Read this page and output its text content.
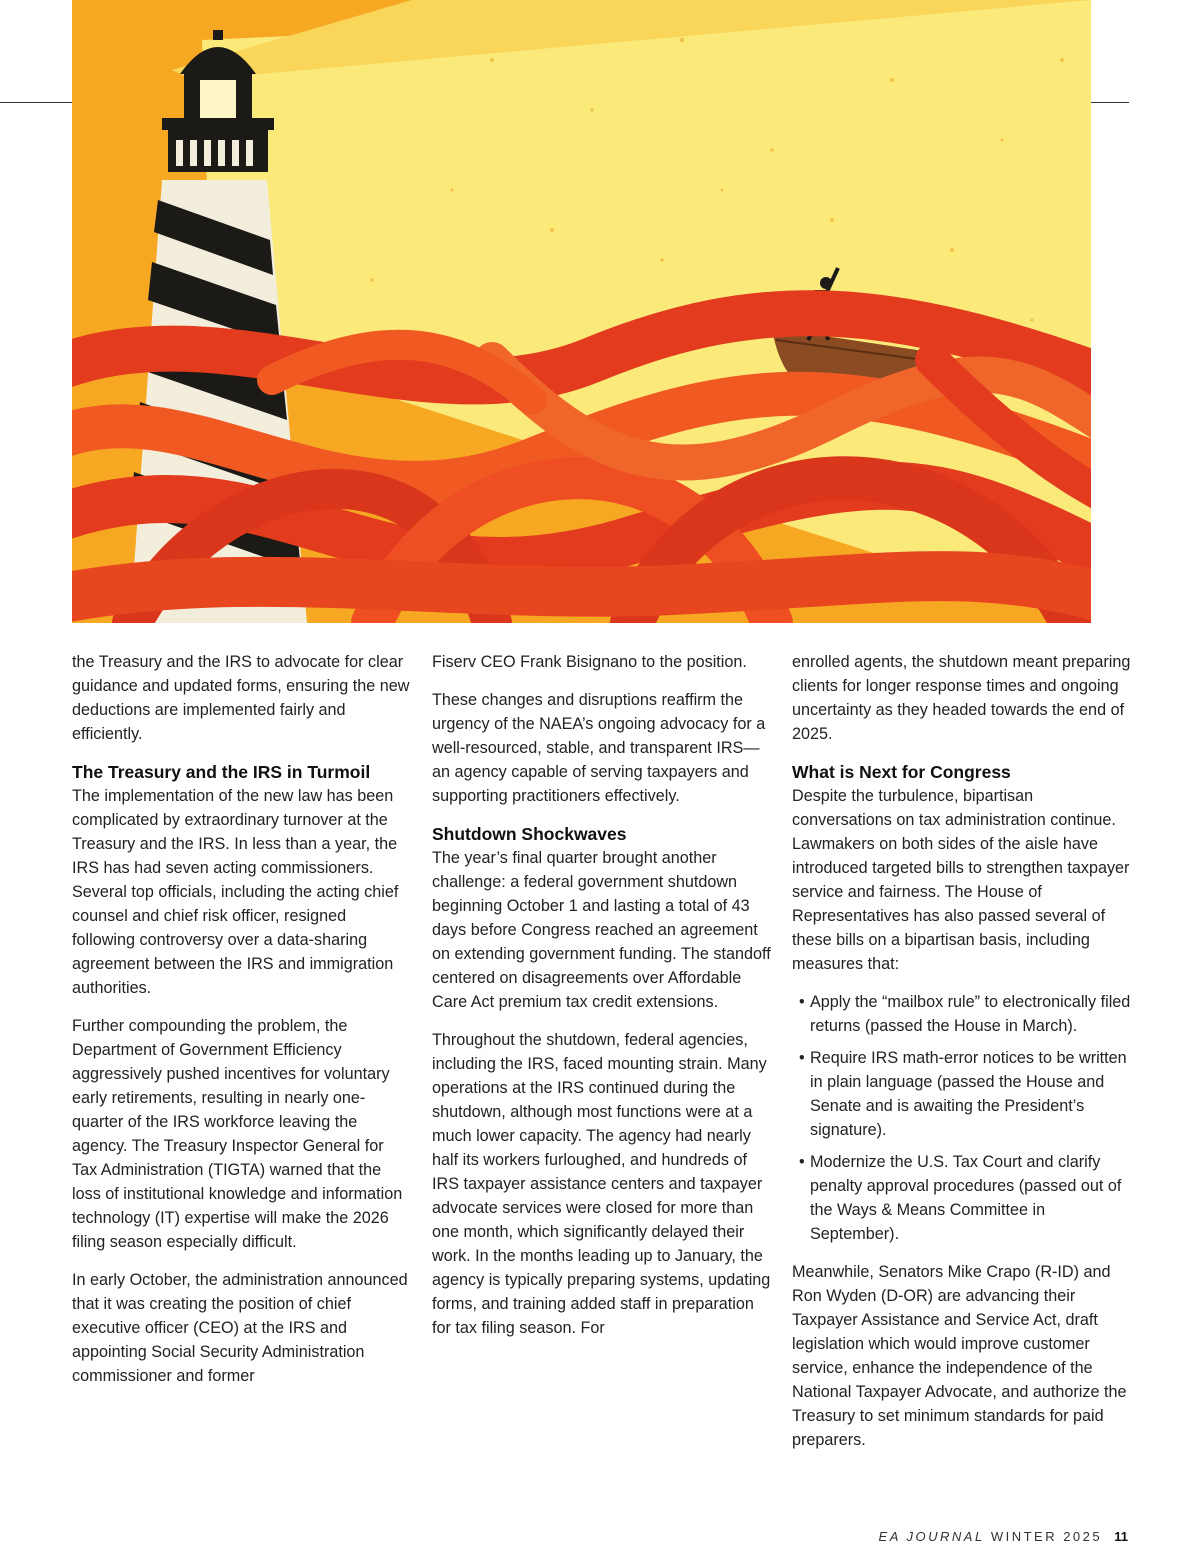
the Treasury and the IRS to advocate for clear guidance and updated forms, ensuring the new deductions are implemented fairly and efficiently.

The Treasury and the IRS in Turmoil

The implementation of the new law has been complicated by extraordinary turnover at the Treasury and the IRS. In less than a year, the IRS has had seven acting commissioners. Several top officials, including the acting chief counsel and chief risk officer, resigned following controversy over a data-sharing agreement between the IRS and immigration authorities.

Further compounding the problem, the Department of Government Efficiency aggressively pushed incentives for voluntary early retirements, resulting in nearly one-quarter of the IRS workforce leaving the agency. The Treasury Inspector General for Tax Administration (TIGTA) warned that the loss of institutional knowledge and information technology (IT) expertise will make the 2026 filing season especially difficult.

In early October, the administration announced that it was creating the position of chief executive officer (CEO) at the IRS and appointing Social Security Administration commissioner and former

Fiserv CEO Frank Bisignano to the position.

These changes and disruptions reaffirm the urgency of the NAEA’s ongoing advocacy for a well-resourced, stable, and transparent IRS—an agency capable of serving taxpayers and supporting practitioners effectively.

Shutdown Shockwaves

The year’s final quarter brought another challenge: a federal government shutdown beginning October 1 and lasting a total of 43 days before Congress reached an agreement on extending government funding. The standoff centered on disagreements over Affordable Care Act premium tax credit extensions.

Throughout the shutdown, federal agencies, including the IRS, faced mounting strain. Many operations at the IRS continued during the shutdown, although most functions were at a much lower capacity. The agency had nearly half its workers furloughed, and hundreds of IRS taxpayer assistance centers and taxpayer advocate services were closed for more than one month, which significantly delayed their work. In the months leading up to January, the agency is typically preparing systems, updating forms, and training added staff in preparation for tax filing season. For

enrolled agents, the shutdown meant preparing clients for longer response times and ongoing uncertainty as they headed towards the end of 2025.

What is Next for Congress

Despite the turbulence, bipartisan conversations on tax administration continue. Lawmakers on both sides of the aisle have introduced targeted bills to strengthen taxpayer service and fairness. The House of Representatives has also passed several of these bills on a bipartisan basis, including measures that:

• Apply the “mailbox rule” to electronically filed returns (passed the House in March).
• Require IRS math-error notices to be written in plain language (passed the House and Senate and is awaiting the President’s signature).
• Modernize the U.S. Tax Court and clarify penalty approval procedures (passed out of the Ways & Means Committee in September).

Meanwhile, Senators Mike Crapo (R-ID) and Ron Wyden (D-OR) are advancing their Taxpayer Assistance and Service Act, draft legislation which would improve customer service, enhance the independence of the National Taxpayer Advocate, and authorize the Treasury to set minimum standards for paid preparers.

EA JOURNAL WINTER 2025 11
